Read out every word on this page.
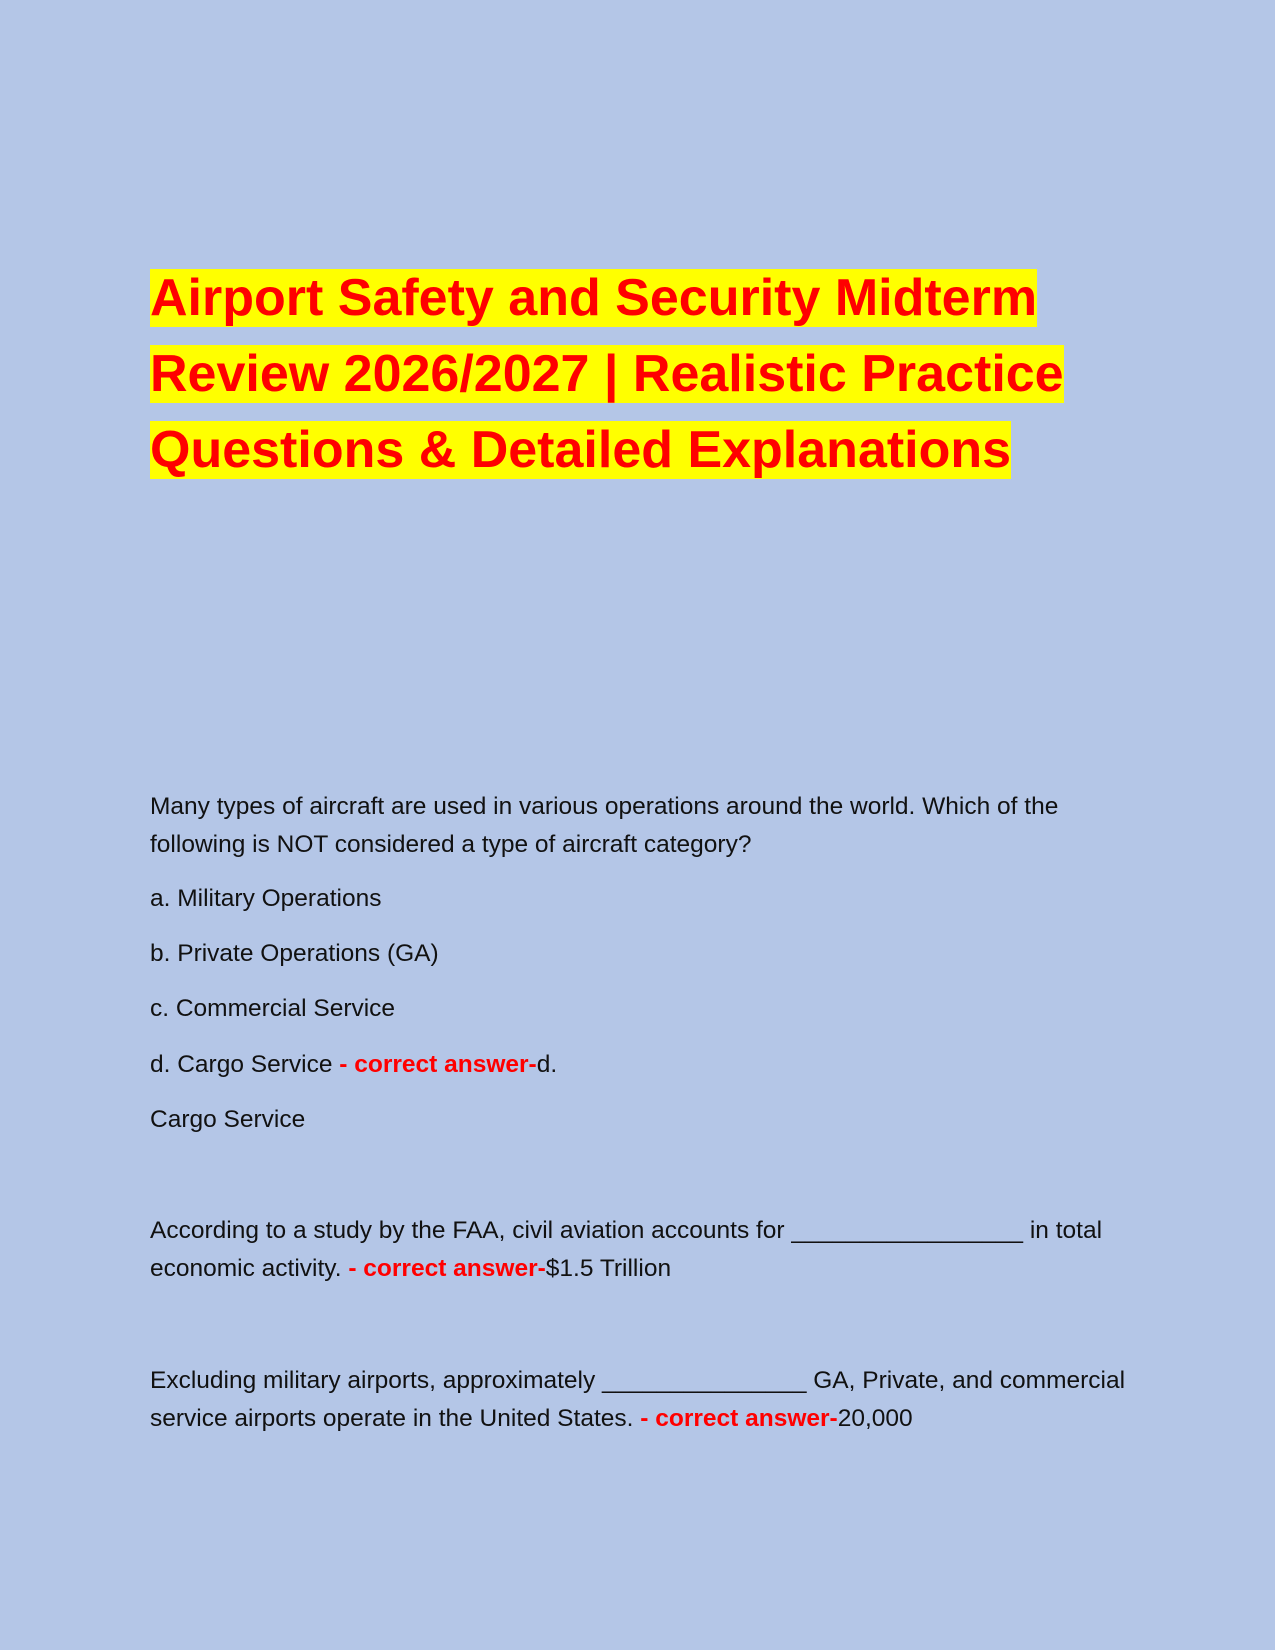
Airport Safety and Security Midterm
Review 2026/2027 | Realistic Practice
Questions & Detailed Explanations

Many types of aircraft are used in various operations around the world. Which of the following is NOT considered a type of aircraft category?

a. Military Operations

b. Private Operations (GA)

c. Commercial Service

d. Cargo Service - correct answer-d.

Cargo Service

According to a study by the FAA, civil aviation accounts for _________________ in total economic activity. - correct answer-$1.5 Trillion

Excluding military airports, approximately _______________ GA, Private, and commercial service airports operate in the United States. - correct answer-20,000
